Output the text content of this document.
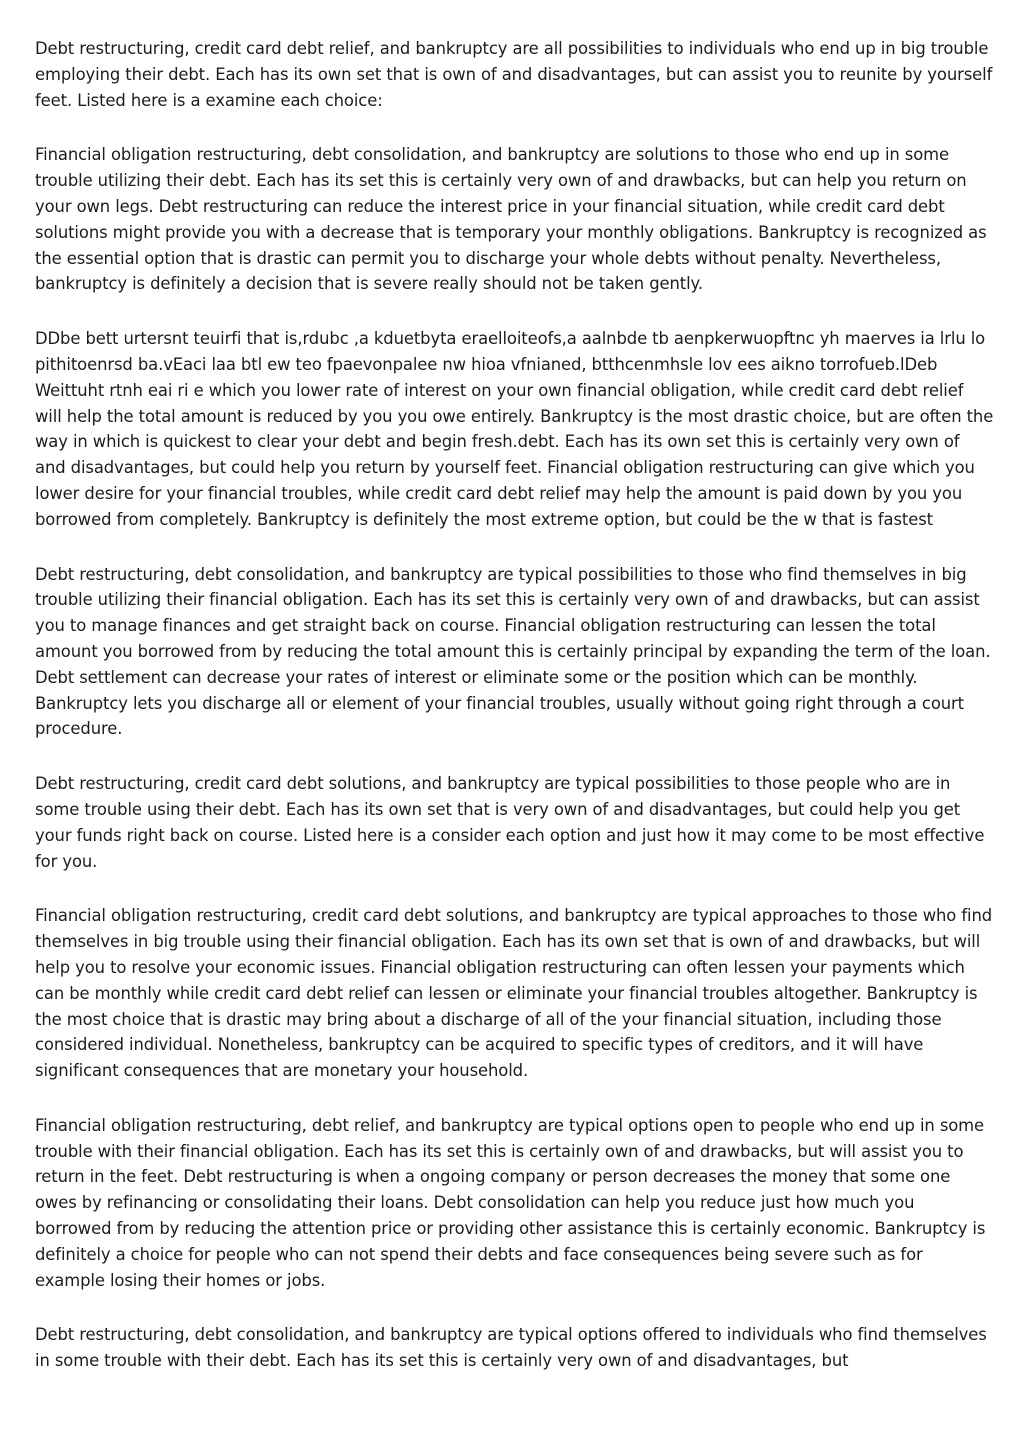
Debt restructuring, credit card debt relief, and bankruptcy are all possibilities to individuals who end up in big trouble employing their debt. Each has its own set that is own of and disadvantages, but can assist you to reunite by yourself feet. Listed here is a examine each choice:

Financial obligation restructuring, debt consolidation, and bankruptcy are solutions to those who end up in some trouble utilizing their debt. Each has its set this is certainly very own of and drawbacks, but can help you return on your own legs. Debt restructuring can reduce the interest price in your financial situation, while credit card debt solutions might provide you with a decrease that is temporary your monthly obligations. Bankruptcy is recognized as the essential option that is drastic can permit you to discharge your whole debts without penalty. Nevertheless, bankruptcy is definitely a decision that is severe really should not be taken gently.

DDbe bett urtersnt teuirfi that is,rdubc ,a kduetbyta eraelloiteofs,a aalnbde tb aenpkerwuopftnc yh maerves ia lrlu lo pithitoenrsd ba.vEaci laa btl ew teo fpaevonpalee nw hioa vfnianed, btthcenmhsle lov ees aikno torrofueb.lDeb Weittuht rtnh eai ri e which you lower rate of interest on your own financial obligation, while credit card debt relief will help the total amount is reduced by you you owe entirely. Bankruptcy is the most drastic choice, but are often the way in which is quickest to clear your debt and begin fresh.debt. Each has its own set this is certainly very own of and disadvantages, but could help you return by yourself feet. Financial obligation restructuring can give which you lower desire for your financial troubles, while credit card debt relief may help the amount is paid down by you you borrowed from completely. Bankruptcy is definitely the most extreme option, but could be the w that is fastest

Debt restructuring, debt consolidation, and bankruptcy are typical possibilities to those who find themselves in big trouble utilizing their financial obligation. Each has its set this is certainly very own of and drawbacks, but can assist you to manage finances and get straight back on course. Financial obligation restructuring can lessen the total amount you borrowed from by reducing the total amount this is certainly principal by expanding the term of the loan. Debt settlement can decrease your rates of interest or eliminate some or the position which can be monthly. Bankruptcy lets you discharge all or element of your financial troubles, usually without going right through a court procedure.

Debt restructuring, credit card debt solutions, and bankruptcy are typical possibilities to those people who are in some trouble using their debt. Each has its own set that is very own of and disadvantages, but could help you get your funds right back on course. Listed here is a consider each option and just how it may come to be most effective for you.

Financial obligation restructuring, credit card debt solutions, and bankruptcy are typical approaches to those who find themselves in big trouble using their financial obligation. Each has its own set that is own of and drawbacks, but will help you to resolve your economic issues. Financial obligation restructuring can often lessen your payments which can be monthly while credit card debt relief can lessen or eliminate your financial troubles altogether. Bankruptcy is the most choice that is drastic may bring about a discharge of all of the your financial situation, including those considered individual. Nonetheless, bankruptcy can be acquired to specific types of creditors, and it will have significant consequences that are monetary your household.

Financial obligation restructuring, debt relief, and bankruptcy are typical options open to people who end up in some trouble with their financial obligation. Each has its set this is certainly own of and drawbacks, but will assist you to return in the feet. Debt restructuring is when a ongoing company or person decreases the money that some one owes by refinancing or consolidating their loans. Debt consolidation can help you reduce just how much you borrowed from by reducing the attention price or providing other assistance this is certainly economic. Bankruptcy is definitely a choice for people who can not spend their debts and face consequences being severe such as for example losing their homes or jobs.

Debt restructuring, debt consolidation, and bankruptcy are typical options offered to individuals who find themselves in some trouble with their debt. Each has its set this is certainly very own of and disadvantages, but
